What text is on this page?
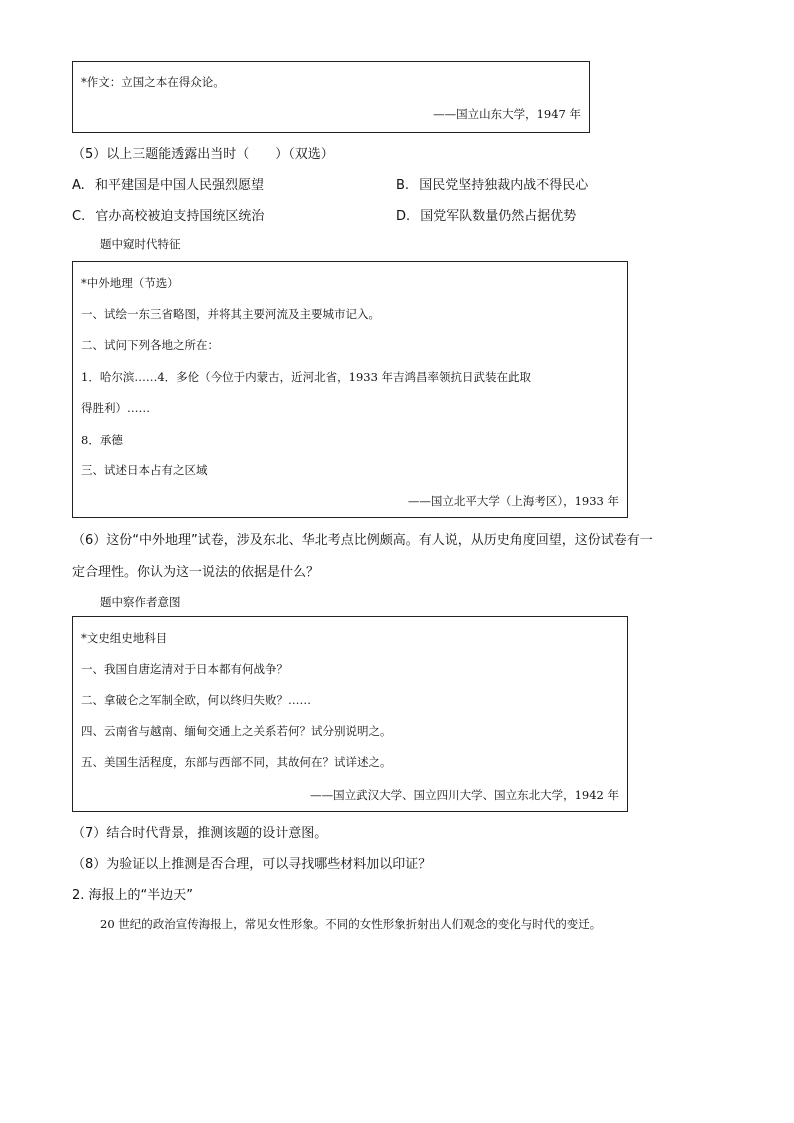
*作文：立国之本在得众论。
——国立山东大学，1947 年
（5）以上三题能透露出当时（　　）（双选）
A. 和平建国是中国人民强烈愿望	B. 国民党坚持独裁内战不得民心
C. 官办高校被迫支持国统区统治	D. 国党军队数量仍然占据优势
题中窥时代特征
*中外地理（节选）
一、试绘一东三省略图，并将其主要河流及主要城市记入。
二、试问下列各地之所在：
1．哈尔滨……4．多伦（今位于内蒙古，近河北省，1933 年吉鸿昌率领抗日武装在此取
得胜利）……
8．承德
三、试述日本占有之区域
——国立北平大学（上海考区），1933 年
（6）这份“中外地理”试卷，涉及东北、华北考点比例颇高。有人说，从历史角度回望，这份试卷有一
定合理性。你认为这一说法的依据是什么？
题中察作者意图
*文史组史地科目
一、我国自唐迄清对于日本都有何战争？
二、拿破仑之军制全欧，何以终归失败？……
四、云南省与越南、缅甸交通上之关系若何？试分别说明之。
五、美国生活程度，东部与西部不同，其故何在？试详述之。
——国立武汉大学、国立四川大学、国立东北大学，1942 年
（7）结合时代背景，推测该题的设计意图。
（8）为验证以上推测是否合理，可以寻找哪些材料加以印证？
2. 海报上的“半边天”
20 世纪的政治宣传海报上，常见女性形象。不同的女性形象折射出人们观念的变化与时代的变迁。
